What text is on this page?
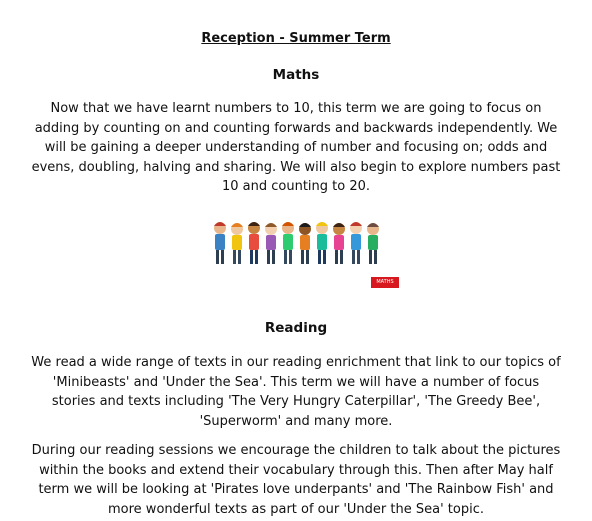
Reception - Summer Term
Maths

Now that we have learnt numbers to 10, this term we are going to focus on adding by counting on and counting forwards and backwards independently. We will be gaining a deeper understanding of number and focusing on; odds and evens, doubling, halving and sharing. We will also begin to explore numbers past 10 and counting to 20.

MATHS
Reading

We read a wide range of texts in our reading enrichment that link to our topics of 'Minibeasts' and 'Under the Sea'. This term we will have a number of focus stories and texts including 'The Very Hungry Caterpillar', 'The Greedy Bee', 'Superworm' and many more.

During our reading sessions we encourage the children to talk about the pictures within the books and extend their vocabulary through this. Then after May half term we will be looking at 'Pirates love underpants' and 'The Rainbow Fish' and more wonderful texts as part of our 'Under the Sea' topic.
